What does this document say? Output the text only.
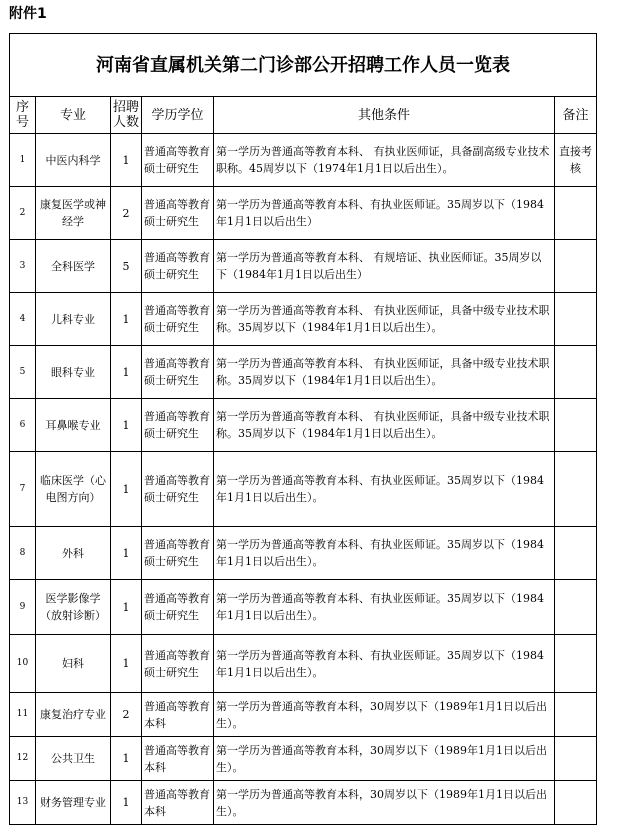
附件1
河南省直属机关第二门诊部公开招聘工作人员一览表					
序号	专业	招聘人数	学历学位	其他条件	备注
1	中医内科学	1	普通高等教育硕士研究生	第一学历为普通高等教育本科、 有执业医师证，具备副高级专业技术职称。45周岁以下（1974年1月1日以后出生）。	直接考核
2	康复医学或神经学	2	普通高等教育硕士研究生	第一学历为普通高等教育本科、有执业医师证。35周岁以下（1984年1月1日以后出生）	
3	全科医学	5	普通高等教育硕士研究生	第一学历为普通高等教育本科、 有规培证、执业医师证。35周岁以下（1984年1月1日以后出生）	
4	儿科专业	1	普通高等教育硕士研究生	第一学历为普通高等教育本科、 有执业医师证，具备中级专业技术职称。35周岁以下（1984年1月1日以后出生）。	
5	眼科专业	1	普通高等教育硕士研究生	第一学历为普通高等教育本科、 有执业医师证，具备中级专业技术职称。35周岁以下（1984年1月1日以后出生）。	
6	耳鼻喉专业	1	普通高等教育硕士研究生	第一学历为普通高等教育本科、 有执业医师证，具备中级专业技术职称。35周岁以下（1984年1月1日以后出生）。	
7	临床医学（心电图方向）	1	普通高等教育硕士研究生	第一学历为普通高等教育本科、有执业医师证。35周岁以下（1984年1月1日以后出生）。	
8	外科	1	普通高等教育硕士研究生	第一学历为普通高等教育本科、有执业医师证。35周岁以下（1984年1月1日以后出生）。	
9	医学影像学（放射诊断）	1	普通高等教育硕士研究生	第一学历为普通高等教育本科、有执业医师证。35周岁以下（1984年1月1日以后出生）。	
10	妇科	1	普通高等教育硕士研究生	第一学历为普通高等教育本科、有执业医师证。35周岁以下（1984年1月1日以后出生）。	
11	康复治疗专业	2	普通高等教育本科	第一学历为普通高等教育本科，30周岁以下（1989年1月1日以后出生）。	
12	公共卫生	1	普通高等教育本科	第一学历为普通高等教育本科，30周岁以下（1989年1月1日以后出生）。	
13	财务管理专业	1	普通高等教育本科	第一学历为普通高等教育本科，30周岁以下（1989年1月1日以后出生）。	
